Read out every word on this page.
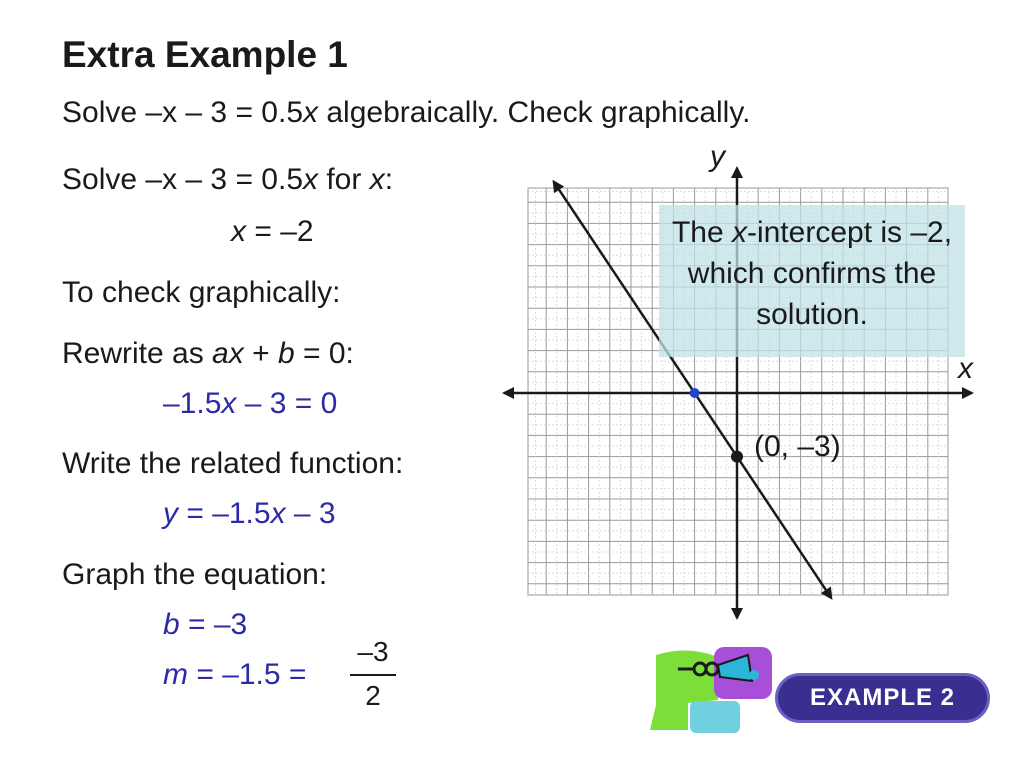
Extra Example 1
Solve –x – 3 = 0.5x algebraically. Check graphically.
Solve –x – 3 = 0.5x for x:
x = –2
To check graphically:
Rewrite as ax + b = 0:
–1.5x – 3 = 0
Write the related function:
y = –1.5x – 3
Graph the equation:
b = –3
m = –1.5 =
–3
2
The x-intercept is –2, which confirms the solution.
x
y
(0, –3)
EXAMPLE 2
